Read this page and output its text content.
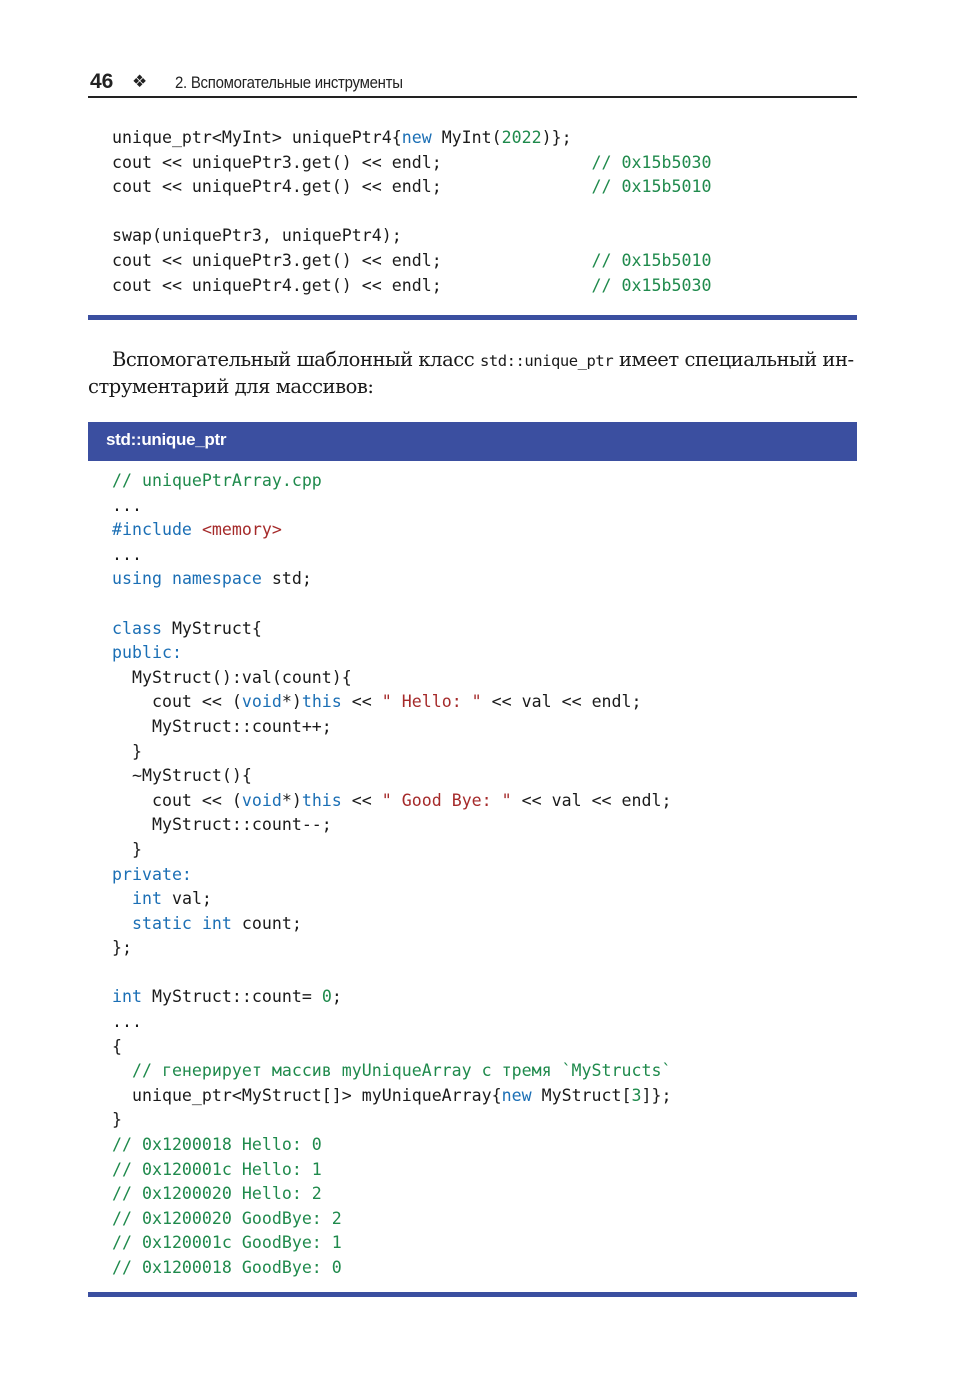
46 ❖ 2. Вспомогательные инструменты
unique_ptr<MyInt> uniquePtr4{new MyInt(2022)};
cout << uniquePtr3.get() << endl;               // 0x15b5030
cout << uniquePtr4.get() << endl;               // 0x15b5010

swap(uniquePtr3, uniquePtr4);
cout << uniquePtr3.get() << endl;               // 0x15b5010
cout << uniquePtr4.get() << endl;               // 0x15b5030
Вспомогательный шаблонный класс std::unique_ptr имеет специальный ин-
струментарий для массивов:
std::unique_ptr
// uniquePtrArray.cpp
...
#include <memory>
...
using namespace std;

class MyStruct{
public:
MyStruct():val(count){
cout << (void*)this << " Hello: " << val << endl;
MyStruct::count++;
}
~MyStruct(){
cout << (void*)this << " Good Bye: " << val << endl;
MyStruct::count--;
}
private:
int val;
static int count;
};

int MyStruct::count= 0;
...
{
// генерирует массив myUniqueArray с тремя `MyStructs`
unique_ptr<MyStruct[]> myUniqueArray{new MyStruct[3]};
}
// 0x1200018 Hello: 0
// 0x120001c Hello: 1
// 0x1200020 Hello: 2
// 0x1200020 GoodBye: 2
// 0x120001c GoodBye: 1
// 0x1200018 GoodBye: 0
